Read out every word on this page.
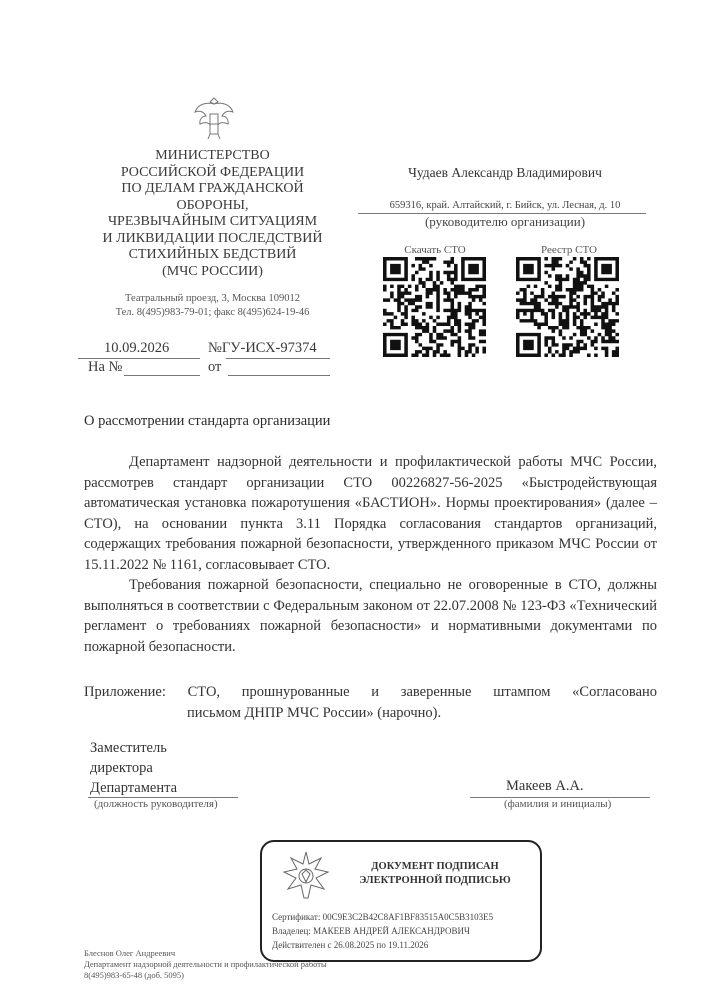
МИНИСТЕРСТВО
РОССИЙСКОЙ ФЕДЕРАЦИИ
ПО ДЕЛАМ ГРАЖДАНСКОЙ
ОБОРОНЫ,
ЧРЕЗВЫЧАЙНЫМ СИТУАЦИЯМ
И ЛИКВИДАЦИИ ПОСЛЕДСТВИЙ
СТИХИЙНЫХ БЕДСТВИЙ
(МЧС РОССИИ)
Театральный проезд, 3, Москва 109012
Тел. 8(495)983-79-01; факс 8(495)624-19-46
10.09.2026	№ГУ-ИСХ-97374
На №	от
Чудаев Александр Владимирович
659316, край. Алтайский, г. Бийск, ул. Лесная, д. 10
(руководителю организации)
Скачать СТО	Реестр СТО
О рассмотрении стандарта организации

Департамент надзорной деятельности и профилактической работы МЧС России, рассмотрев стандарт организации СТО 00226827-56-2025 «Быстродействующая автоматическая установка пожаротушения «БАСТИОН». Нормы проектирования» (далее – СТО), на основании пункта 3.11 Порядка согласования стандартов организаций, содержащих требования пожарной безопасности, утвержденного приказом МЧС России от 15.11.2022 № 1161, согласовывает СТО.

Требования пожарной безопасности, специально не оговоренные в СТО, должны выполняться в соответствии с Федеральным законом от 22.07.2008 № 123-ФЗ «Технический регламент о требованиях пожарной безопасности» и нормативными документами по пожарной безопасности.

Приложение: СТО, прошнурованные и заверенные штампом «Согласовано
письмом ДНПР МЧС России» (нарочно).
Заместитель
директора
Департамента
(должность руководителя)
Макеев А.А.
(фамилия и инициалы)
ДОКУМЕНТ ПОДПИСАН
ЭЛЕКТРОННОЙ ПОДПИСЬЮ
Сертификат: 00C9E3C2B42C8AF1BF83515A0C5B3103E5
Владелец: МАКЕЕВ АНДРЕЙ АЛЕКСАНДРОВИЧ
Действителен с 26.08.2025 по 19.11.2026
Блеснов Олег Андреевич
Департамент надзорной деятельности и профилактической работы
8(495)983-65-48 (доб. 5095)
